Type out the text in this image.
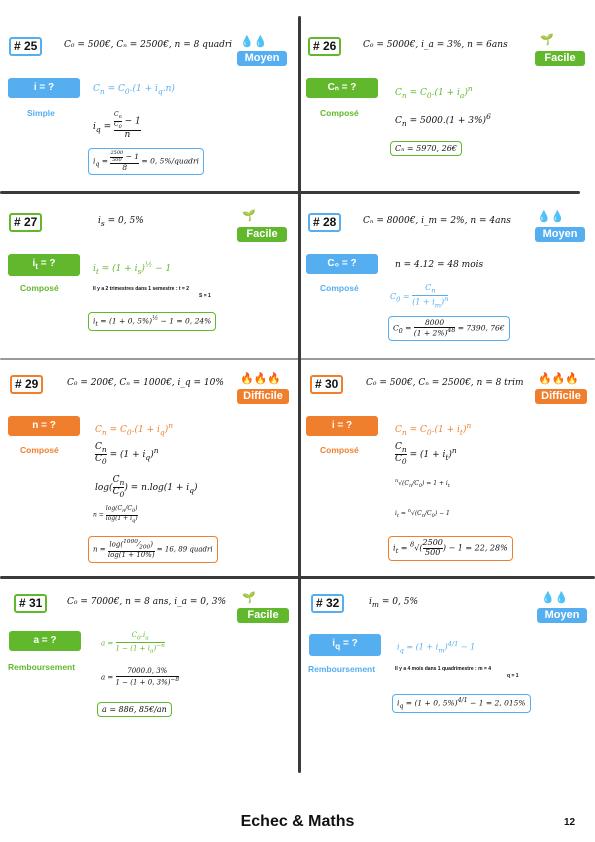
# 25	C₀ = 500€, Cₙ = 2500€, n = 8 quadri 💧💧
Moyen
i = ?
Simple
$C_n = C_0.(1 + i_q.n)$
$i_q = \frac{\frac{C_n}{C_0} - 1}{n}$
$i_q = \frac{\frac{2500}{500} - 1}{8} = 0$, 5%/quadri
# 26	C₀ = 5000€, i_a = 3%, n = 6ans	🌱
Facile
Cₙ = ?
Composé
$C_n = C_0.(1 + i_a)^n$
$C_n = 5000.(1 + 3\%)^6$
Cₙ = 5970, 26€
# 27	$i_s = 0$, 5%	🌱
Facile
$i_t$ = ?
Composé
$i_t = (1 + i_s)^{\frac{1}{2}} - 1$
Il y a 2 trimestres dans 1 semestre : t = 2
S = 1
$i_t = (1 + 0$, 5%)$^{\frac{1}{2}}$ − 1 = 0, 24%
# 28	Cₙ = 8000€, i_m = 2%, n = 4ans 💧💧
Moyen
C₀ = ?
Composé
n = 4.12 = 48 mois
$C_0 = \frac{C_n}{(1 + i_m)^n}$
$C_0 = \frac{8000}{(1 + 2\%)^{48}} = 7390$, 76€
# 29	C₀ = 200€, Cₙ = 1000€, i_q = 10% 🔥🔥🔥
Difficile
n = ?
Composé
$C_n = C_0.(1 + i_q)^n$
$\frac{C_n}{C_0} = (1 + i_q)^n$
$\log( \frac{C_n}{C_0}$ ) = $n.\log(1 + i_q)$
$n = \frac{\log(C_n/C_0)}{\log(1 + i_q)}$
$n = \frac{\log(^{1000}⁄_{200})}{\log(1 + 10\%)} = 16$, 89 quadri
# 30	C₀ = 500€, Cₙ = 2500€, n = 8 trim 🔥🔥🔥
Difficile
i = ?
Composé
$C_n = C_0.(1 + i_t)^n$
$\frac{C_n}{C_0} = (1 + i_t)^n$
$^n√(C_n/C_0) = 1 + i_t$
$i_t = ^n√(C_n/C_0) - 1$
$i_t = ^8√( \frac{2500}{500}$ ) − 1 = 22, 28%
# 31	C₀ = 7000€, n = 8 ans, i_a = 0, 3% 🌱
Facile
a = ?
Remboursement
$a = \frac{C_0.i_a}{1 - (1 + i_a)^{-n}}$
$a = \frac{7000.0, 3\%}{1 - (1 + 0, 3\%)^{-8}}$
a = 886, 85€/an
# 32	$i_m = 0$, 5%	💧💧
Moyen
$i_q$ = ?
Remboursement
$i_q = (1 + i_m)^{4/1} - 1$
Il y a 4 mois dans 1 quadrimestre : m = 4
q = 1
$i_q = (1 + 0$, 5%)$^{4/1}$ − 1 = 2, 015%
Echec & Maths	12
